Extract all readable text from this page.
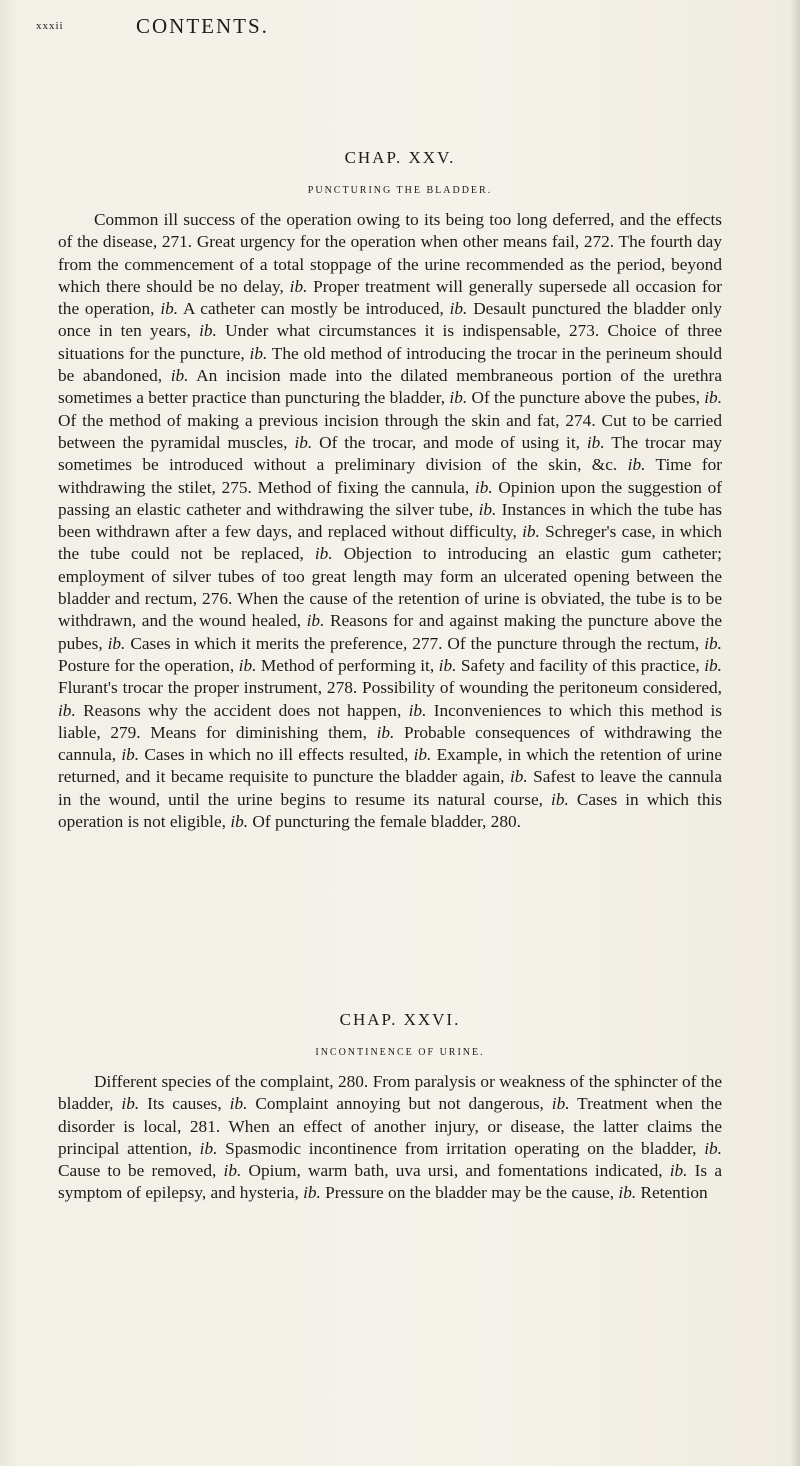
xxxii	CONTENTS.
CHAP. XXV.
PUNCTURING THE BLADDER.

Common ill success of the operation owing to its being too long deferred, and the effects of the disease, 271. Great urgency for the operation when other means fail, 272. The fourth day from the commencement of a total stoppage of the urine recommended as the period, beyond which there should be no delay, ib. Proper treatment will generally supersede all occasion for the operation, ib. A catheter can mostly be introduced, ib. Desault punctured the bladder only once in ten years, ib. Under what circumstances it is indispensable, 273. Choice of three situations for the puncture, ib. The old method of introducing the trocar in the perineum should be abandoned, ib. An incision made into the dilated membraneous portion of the urethra sometimes a better practice than puncturing the bladder, ib. Of the puncture above the pubes, ib. Of the method of making a previous incision through the skin and fat, 274. Cut to be carried between the pyramidal muscles, ib. Of the trocar, and mode of using it, ib. The trocar may sometimes be introduced without a preliminary division of the skin, &c. ib. Time for withdrawing the stilet, 275. Method of fixing the cannula, ib. Opinion upon the suggestion of passing an elastic catheter and withdrawing the silver tube, ib. Instances in which the tube has been withdrawn after a few days, and replaced without difficulty, ib. Schreger's case, in which the tube could not be replaced, ib. Objection to introducing an elastic gum catheter; employment of silver tubes of too great length may form an ulcerated opening between the bladder and rectum, 276. When the cause of the retention of urine is obviated, the tube is to be withdrawn, and the wound healed, ib. Reasons for and against making the puncture above the pubes, ib. Cases in which it merits the preference, 277. Of the puncture through the rectum, ib. Posture for the operation, ib. Method of performing it, ib. Safety and facility of this practice, ib. Flurant's trocar the proper instrument, 278. Possibility of wounding the peritoneum considered, ib. Reasons why the accident does not happen, ib. Inconveniences to which this method is liable, 279. Means for diminishing them, ib. Probable consequences of withdrawing the cannula, ib. Cases in which no ill effects resulted, ib. Example, in which the retention of urine returned, and it became requisite to puncture the bladder again, ib. Safest to leave the cannula in the wound, until the urine begins to resume its natural course, ib. Cases in which this operation is not eligible, ib. Of puncturing the female bladder, 280.

CHAP. XXVI.
INCONTINENCE OF URINE.

Different species of the complaint, 280. From paralysis or weakness of the sphincter of the bladder, ib. Its causes, ib. Complaint annoying but not dangerous, ib. Treatment when the disorder is local, 281. When an effect of another injury, or disease, the latter claims the principal attention, ib. Spasmodic incontinence from irritation operating on the bladder, ib. Cause to be removed, ib. Opium, warm bath, uva ursi, and fomentations indicated, ib. Is a symptom of epilepsy, and hysteria, ib. Pressure on the bladder may be the cause, ib. Retention
